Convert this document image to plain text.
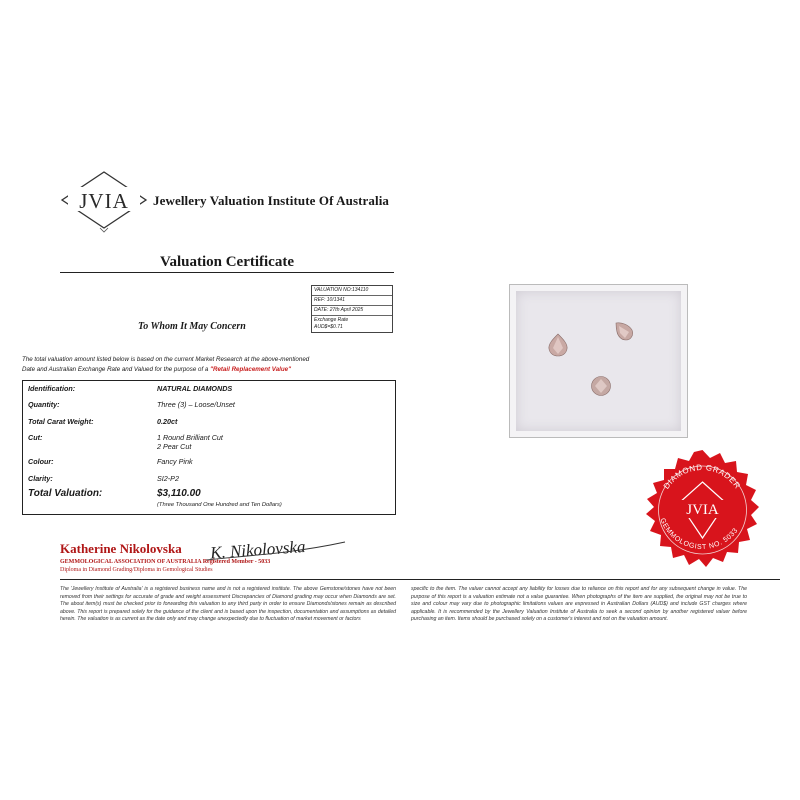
JVIA Jewellery Valuation Institute Of Australia
Valuation Certificate
VALUATION NO:134110
REF: 10/1341
DATE: 27th April 2025
Exchange Rate
AUD$=$0.71
To Whom It May Concern
The total valuation amount listed below is based on the current Market Research at the above-mentioned
Date and Australian Exchange Rate and Valued for the purpose of a "Retail Replacement Value"
Identification:	NATURAL DIAMONDS
Quantity:	Three (3) – Loose/Unset
Total Carat Weight:	0.20ct
Cut:	1 Round Brilliant Cut
2 Pear Cut
Colour:	Fancy Pink
Clarity:	SI2-P2
Total Valuation:	$3,110.00
(Three Thousand One Hundred and Ten Dollars)
Katherine Nikolovska K. Nikolovska
GEMMOLOGICAL ASSOCIATION OF AUSTRALIA Registered Member - 5033
Diploma in Diamond Grading/Diploma in Gemological Studies
The 'Jewellery Institute of Australia' is a registered business name and is not a registered institute. The above Gemstone/stones have not been removed from their settings for accurate of grade and weight assessment Discrepancies of Diamond grading may occur when Diamonds are set. The about item(s) must be checked prior to forwarding this valuation to any third party in order to ensure Diamonds/stones remain as described above. This report is prepared solely for the guidance of the client and is based upon the inspection, documentation and assumptions as detailed herein. The valuation is as current as the date only and may change unexpectedly due to fluctuation of market movement or factors
specific to the item. The valuer cannot accept any liability for losses due to reliance on this report and for any subsequent change in value. The purpose of this report is a valuation estimate not a value guarantee. When photographs of the item are supplied, the original may not be true to size and colour may vary due to photographic limitations values are expressed in Australian Dollars (AUD$) and include GST charges where applicable. It is recommended by the Jewellery Valuation Institute of Australia to seek a second opinion by another registered valuer before purchasing an item. Items should be purchased solely on a customer's interest and not on the valuation amount.
DIAMOND GRADER
GEMMOLOGIST NO. 5033
JVIA
